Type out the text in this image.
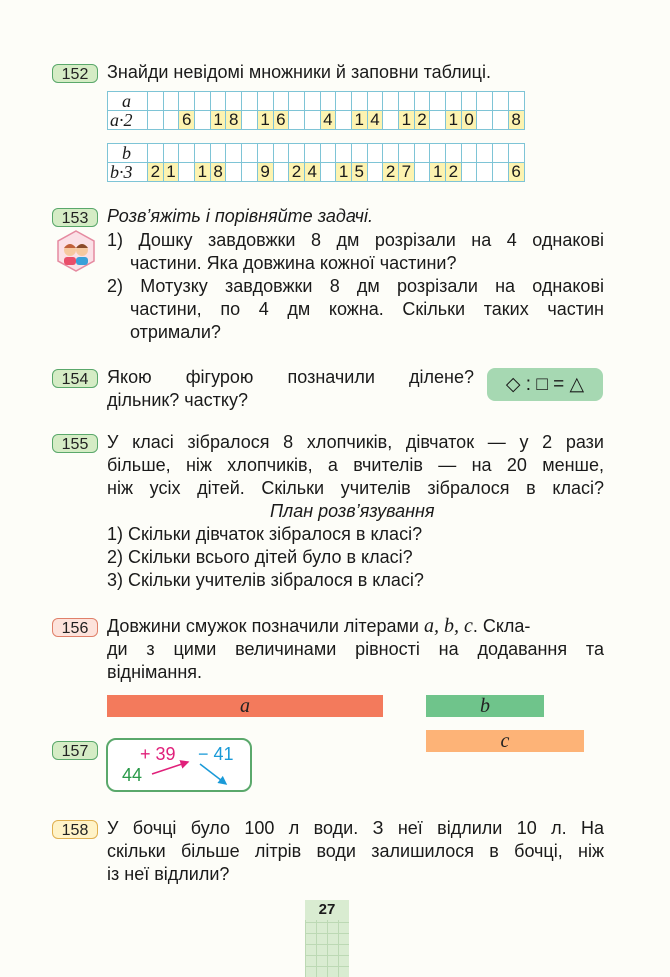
152	Знайди невідомі множники й заповни таблиці.
a																								
a·2			6		1	8		1	6			4		1	4		1	2		1	0			8
b																								
b·3	2	1		1	8			9		2	4		1	5		2	7		1	2				6
153	Розв’яжіть і порівняйте задачі.
1) Дошку завдовжки 8 дм розрізали на 4 однакові
частини. Яка довжина кожної частини?
2) Мотузку завдовжки 8 дм розрізали на однакові
частини, по 4 дм кожна. Скільки таких частин
отримали?
154	Якою фігурою позначили ділене?
дільник? частку?
◇ : □ = △
155	У класі зібралося 8 хлопчиків, дівчаток — у 2 рази
більше, ніж хлопчиків, а вчителів — на 20 менше,
ніж усіх дітей. Скільки учителів зібралося в класі?
План розв’язування
1) Скільки дівчаток зібралося в класі?
2) Скільки всього дітей було в класі?
3) Скільки учителів зібралося в класі?
156	Довжини смужок позначили літерами a, b, c. Скла-
ди з цими величинами рівності на додавання та
віднімання.
a	b
c
157	+ 39 − 41
44
158	У бочці було 100 л води. З неї відлили 10 л. На
скільки більше літрів води залишилося в бочці, ніж
із неї відлили?
27
